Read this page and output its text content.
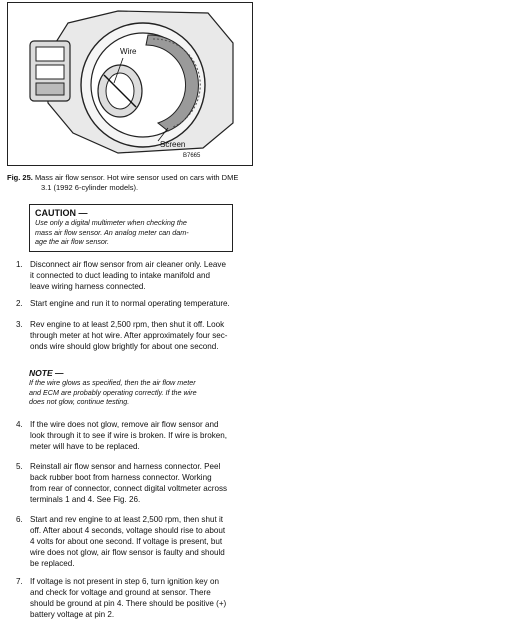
Wire
Screen
B7665
Fig. 25. Mass air flow sensor. Hot wire sensor used on cars with DME
3.1 (1992 6-cylinder models).
CAUTION —
Use only a digital multimeter when checking the
mass air flow sensor. An analog meter can dam-
age the air flow sensor.
1. Disconnect air flow sensor from air cleaner only. Leave
it connected to duct leading to intake manifold and
leave wiring harness connected.
2. Start engine and run it to normal operating temperature.
3. Rev engine to at least 2,500 rpm, then shut it off. Look
through meter at hot wire. After approximately four sec-
onds wire should glow brightly for about one second.
NOTE —
If the wire glows as specified, then the air flow meter
and ECM are probably operating correctly. If the wire
does not glow, continue testing.
4. If the wire does not glow, remove air flow sensor and
look through it to see if wire is broken. If wire is broken,
meter will have to be replaced.
5. Reinstall air flow sensor and harness connector. Peel
back rubber boot from harness connector. Working
from rear of connector, connect digital voltmeter across
terminals 1 and 4. See Fig. 26.
6. Start and rev engine to at least 2,500 rpm, then shut it
off. After about 4 seconds, voltage should rise to about
4 volts for about one second. If voltage is present, but
wire does not glow, air flow sensor is faulty and should
be replaced.
7. If voltage is not present in step 6, turn ignition key on
and check for voltage and ground at sensor. There
should be ground at pin 4. There should be positive (+)
battery voltage at pin 2.
